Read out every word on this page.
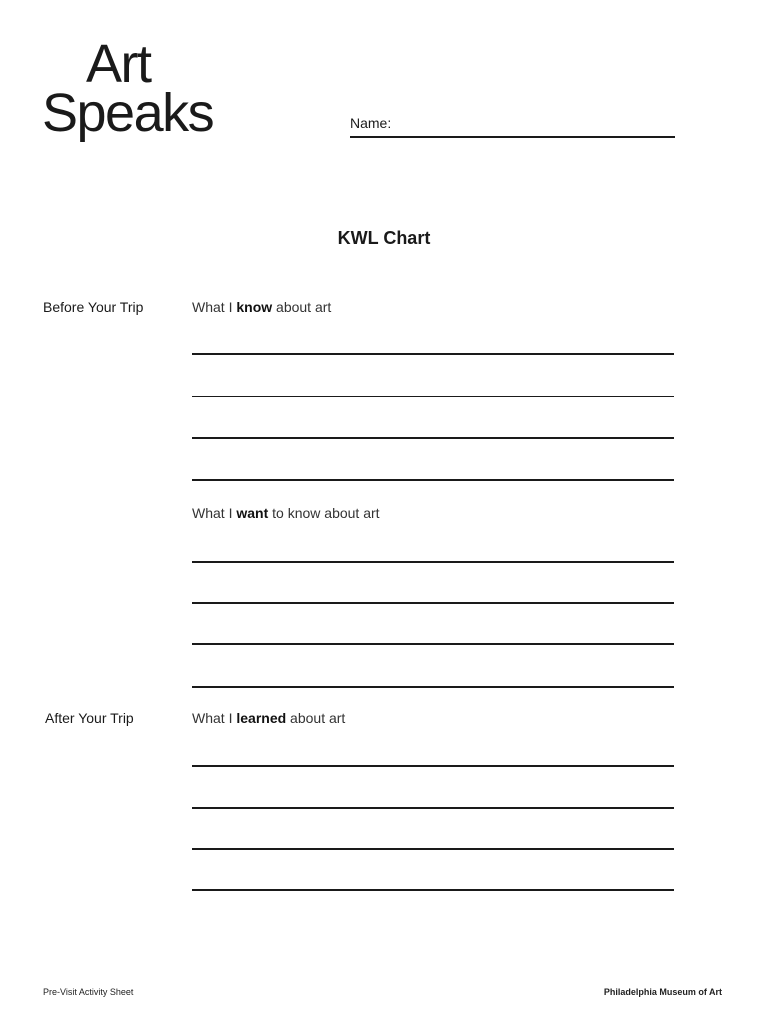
Art
Speaks	Name:
KWL Chart
Before Your Trip	What I know about art
What I want to know about art
After Your Trip	What I learned about art
Pre-Visit Activity Sheet	Philadelphia Museum of Art
